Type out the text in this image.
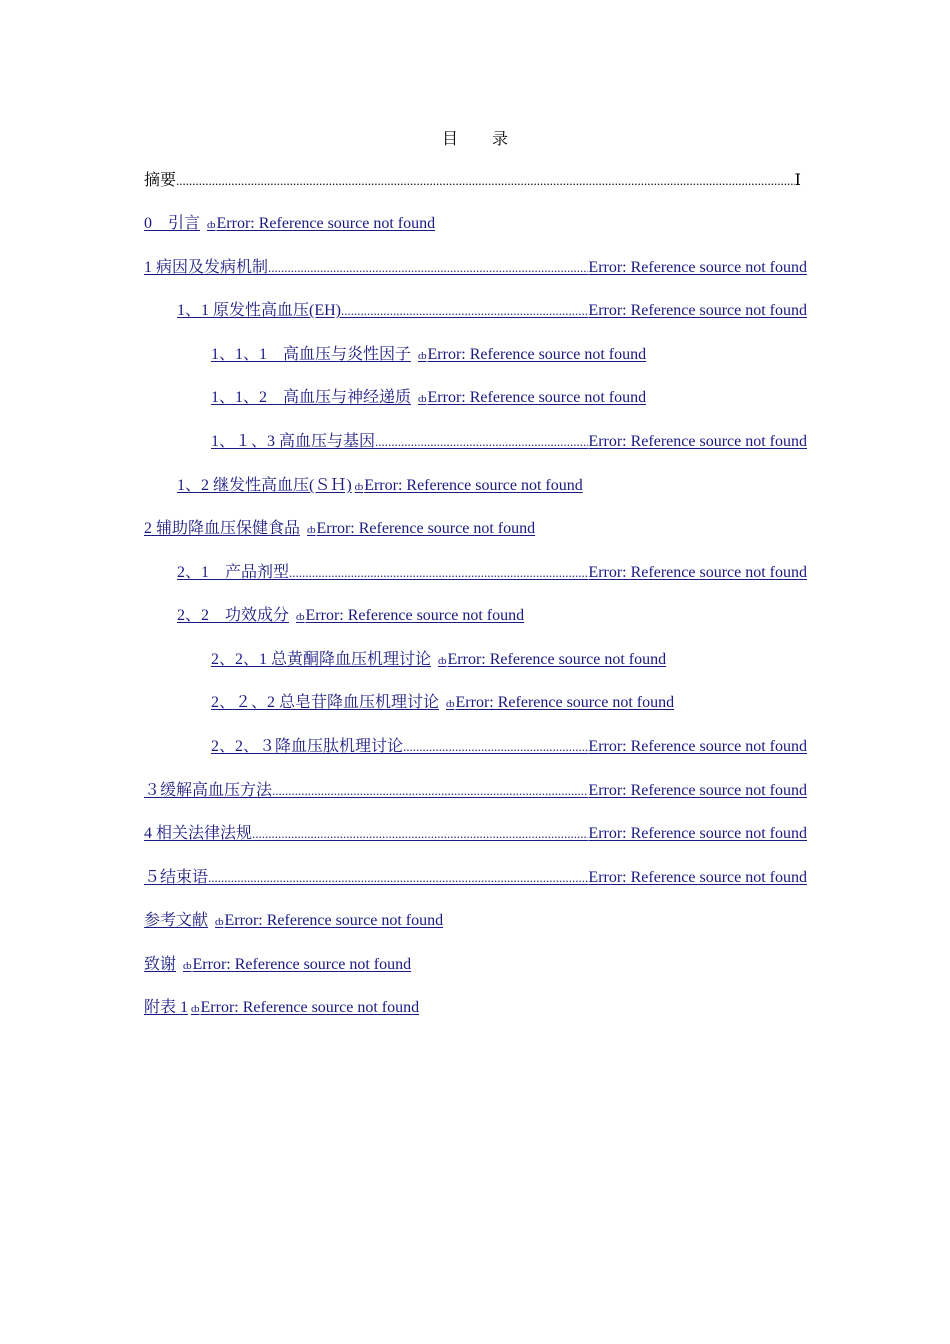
目 录
摘要 .....	Ⅰ
0　引言 ȸError: Reference source not found
1 病因及发病机制 .....	Error: Reference source not found
1、1 原发性高血压(EH) .....	Error: Reference source not found
1、1、1　高血压与炎性因子 ȸError: Reference source not found
1、1、2　高血压与神经递质 ȸError: Reference source not found
1、１、3 高血压与基因 .....	Error: Reference source not found
1、2 继发性高血压(ＳＨ) ȸError: Reference source not found
2 辅助降血压保健食品 ȸError: Reference source not found
2、1　产品剂型 .....	Error: Reference source not found
2、2　功效成分 ȸError: Reference source not found
2、2、1 总黄酮降血压机理讨论 ȸError: Reference source not found
2、２、2 总皂苷降血压机理讨论 ȸError: Reference source not found
2、2、３降血压肽机理讨论 .....	Error: Reference source not found
３缓解高血压方法 .....	Error: Reference source not found
4 相关法律法规 .....	Error: Reference source not found
５结束语 .....	Error: Reference source not found
参考文献 ȸError: Reference source not found
致谢 ȸError: Reference source not found
附表 1 ȸError: Reference source not found
